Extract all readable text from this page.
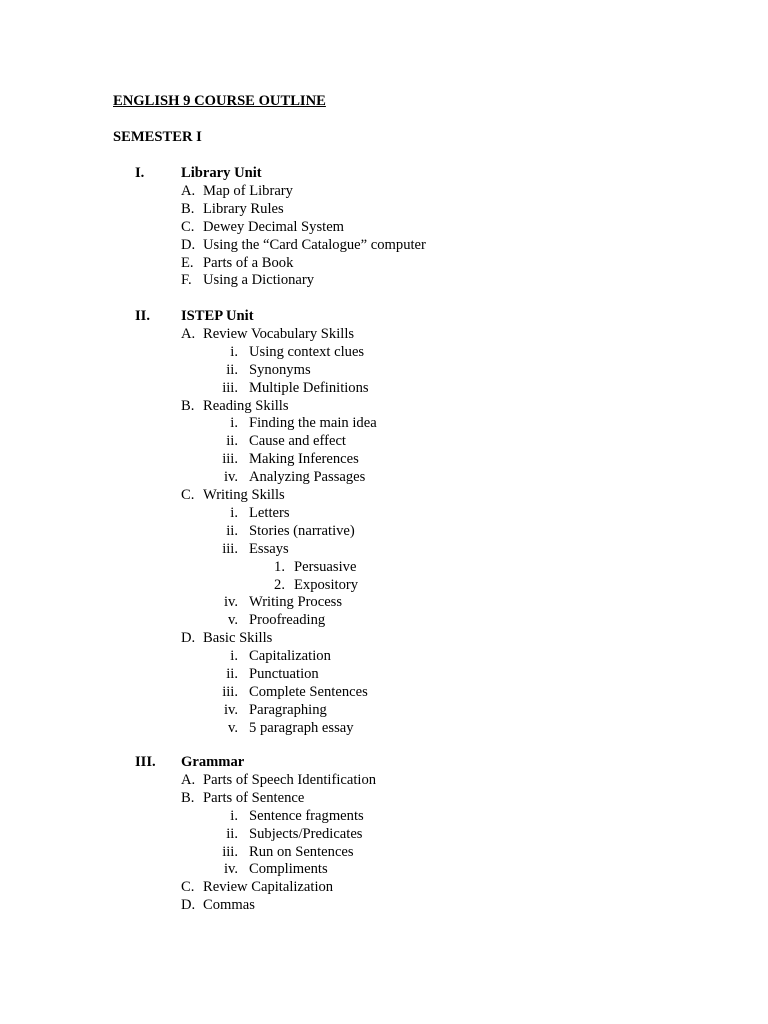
ENGLISH 9 COURSE OUTLINE
SEMESTER I
I.	Library Unit
A. Map of Library
B. Library Rules
C. Dewey Decimal System
D. Using the “Card Catalogue” computer
E. Parts of a Book
F. Using a Dictionary
II. ISTEP Unit
A. Review Vocabulary Skills
i. Using context clues
ii. Synonyms
iii. Multiple Definitions
B. Reading Skills
i. Finding the main idea
ii. Cause and effect
iii. Making Inferences
iv. Analyzing Passages
C. Writing Skills
i. Letters
ii. Stories (narrative)
iii. Essays
1. Persuasive
2. Expository
iv. Writing Process
v. Proofreading
D. Basic Skills
i. Capitalization
ii. Punctuation
iii. Complete Sentences
iv. Paragraphing
v. 5 paragraph essay
III. Grammar
A. Parts of Speech Identification
B. Parts of Sentence
i. Sentence fragments
ii. Subjects/Predicates
iii. Run on Sentences
iv. Compliments
C. Review Capitalization
D. Commas
